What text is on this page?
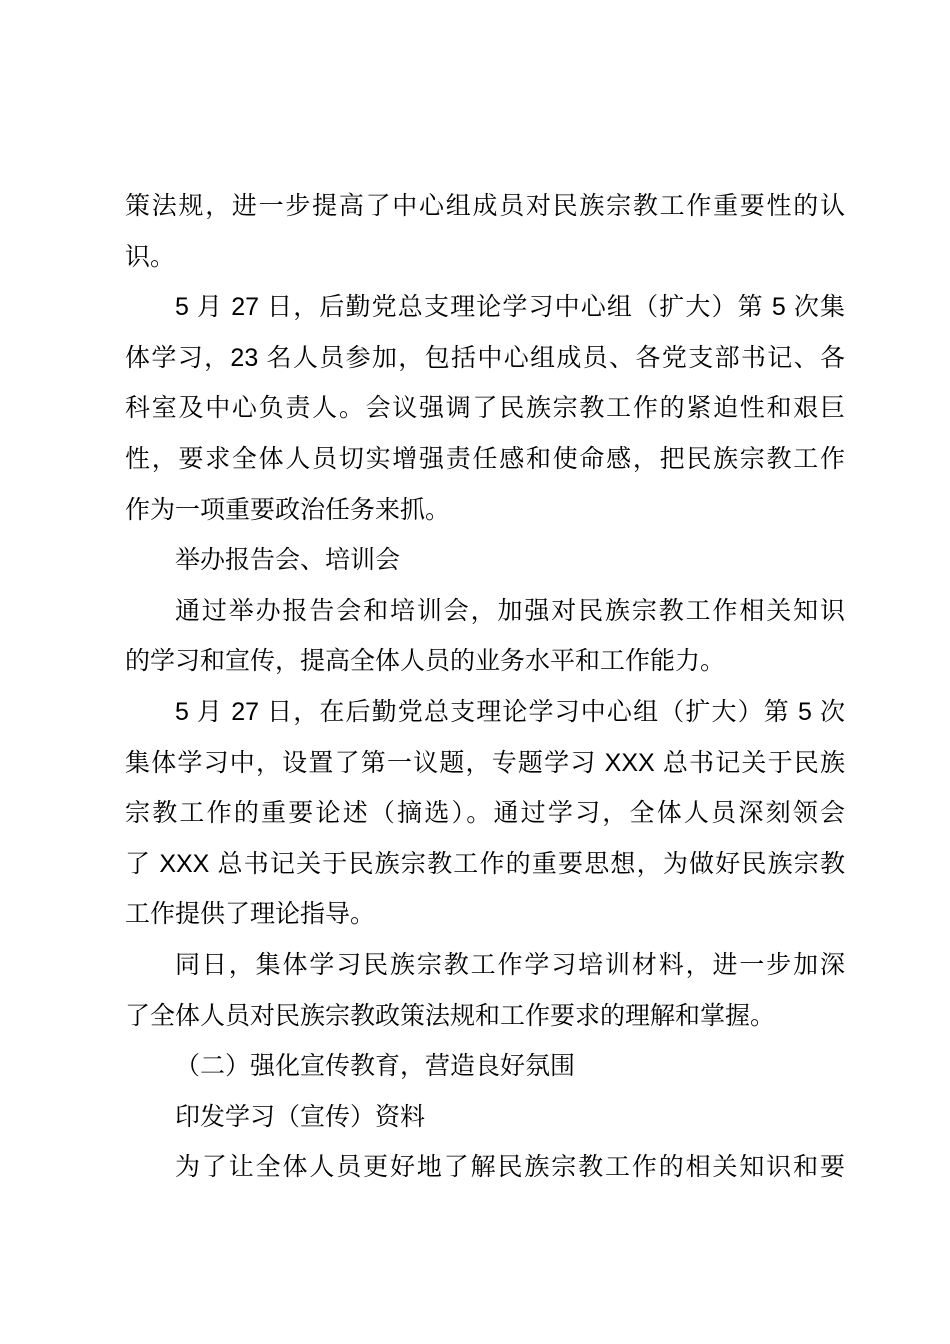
策法规，进一步提高了中心组成员对民族宗教工作重要性的认
识。
5 月 27 日，后勤党总支理论学习中心组（扩大）第 5 次集
体学习，23 名人员参加，包括中心组成员、各党支部书记、各
科室及中心负责人。会议强调了民族宗教工作的紧迫性和艰巨
性，要求全体人员切实增强责任感和使命感，把民族宗教工作
作为一项重要政治任务来抓。
举办报告会、培训会
通过举办报告会和培训会，加强对民族宗教工作相关知识
的学习和宣传，提高全体人员的业务水平和工作能力。
5 月 27 日，在后勤党总支理论学习中心组（扩大）第 5 次
集体学习中，设置了第一议题，专题学习 XXX 总书记关于民族
宗教工作的重要论述（摘选）。通过学习，全体人员深刻领会
了 XXX 总书记关于民族宗教工作的重要思想，为做好民族宗教
工作提供了理论指导。
同日，集体学习民族宗教工作学习培训材料，进一步加深
了全体人员对民族宗教政策法规和工作要求的理解和掌握。
（二）强化宣传教育，营造良好氛围
印发学习（宣传）资料
为了让全体人员更好地了解民族宗教工作的相关知识和要
